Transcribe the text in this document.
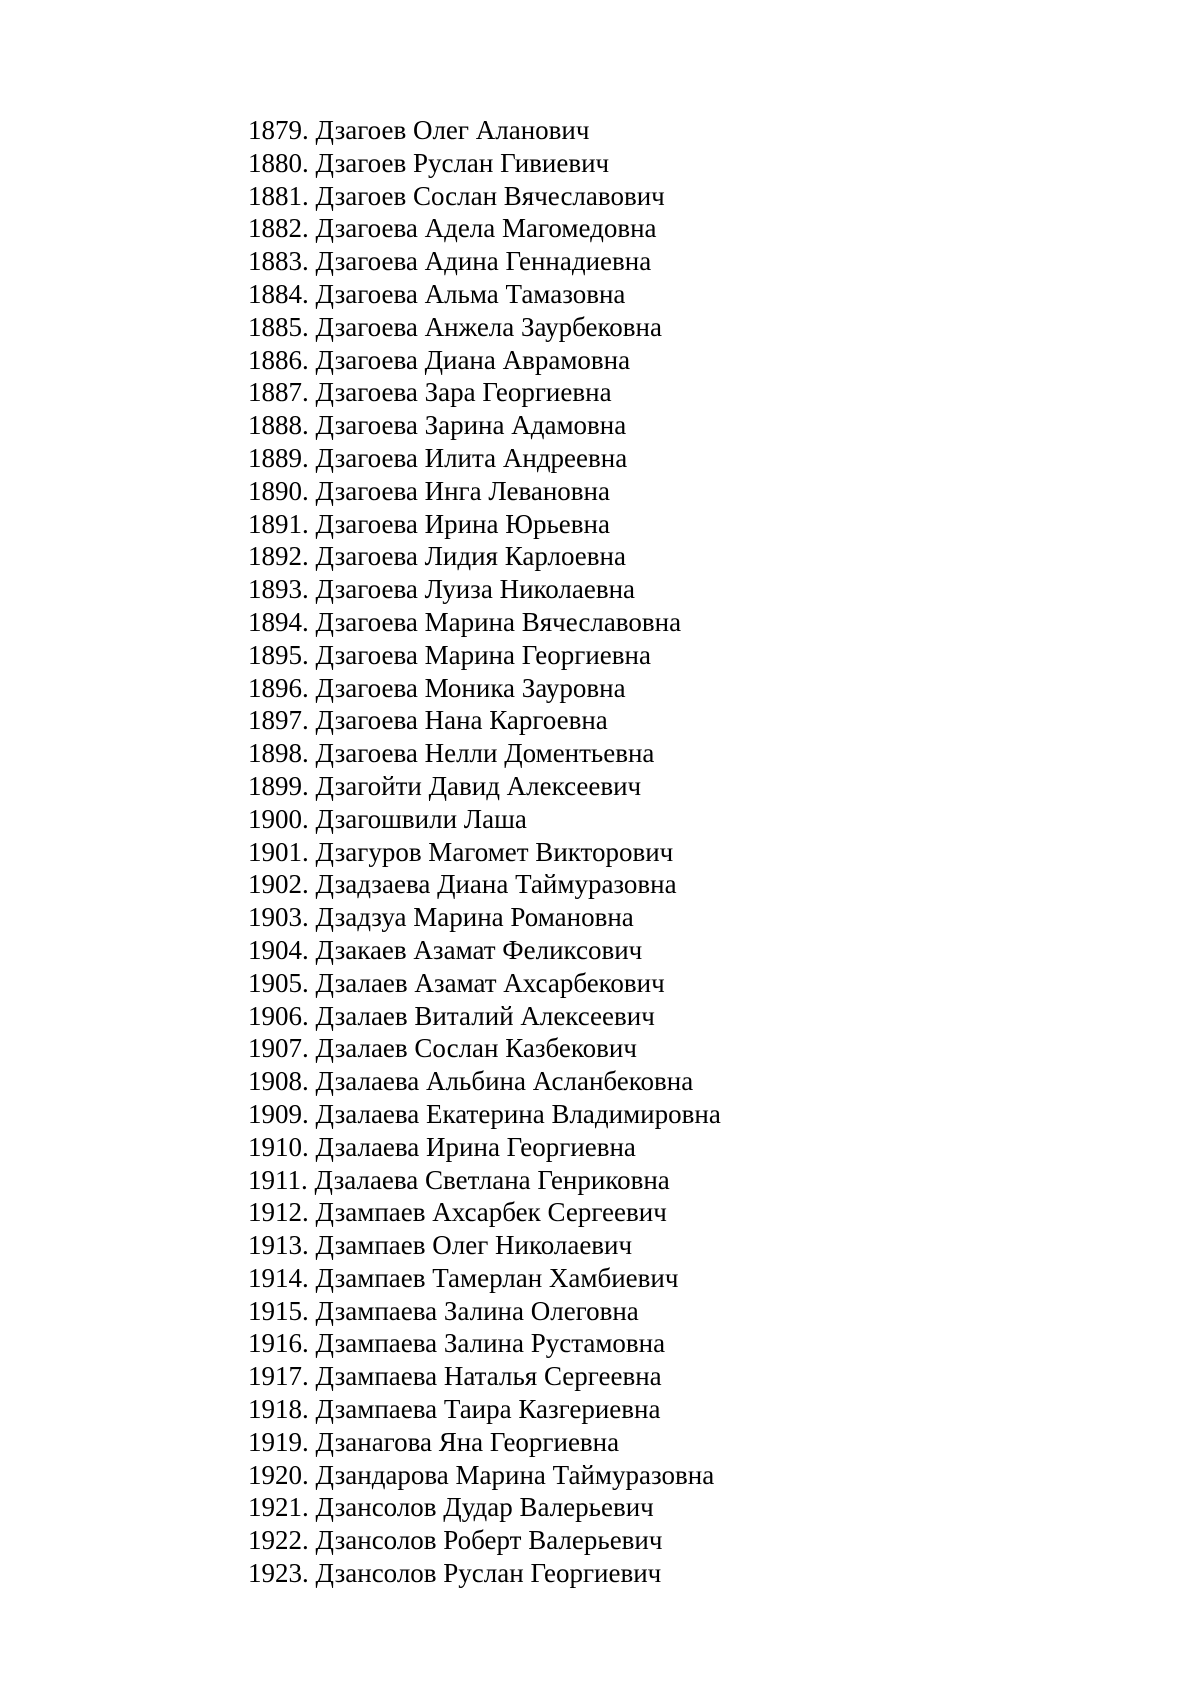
1879. Дзагоев Олег Аланович
1880. Дзагоев Руслан Гивиевич
1881. Дзагоев Сослан Вячеславович
1882. Дзагоева Адела Магомедовна
1883. Дзагоева Адина Геннадиевна
1884. Дзагоева Альма Тамазовна
1885. Дзагоева Анжела Заурбековна
1886. Дзагоева Диана Аврамовна
1887. Дзагоева Зара Георгиевна
1888. Дзагоева Зарина Адамовна
1889. Дзагоева Илита Андреевна
1890. Дзагоева Инга Левановна
1891. Дзагоева Ирина Юрьевна
1892. Дзагоева Лидия Карлоевна
1893. Дзагоева Луиза Николаевна
1894. Дзагоева Марина Вячеславовна
1895. Дзагоева Марина Георгиевна
1896. Дзагоева Моника Зауровна
1897. Дзагоева Нана Каргоевна
1898. Дзагоева Нелли Доментьевна
1899. Дзагойти Давид Алексеевич
1900. Дзагошвили Лаша
1901. Дзагуров Магомет Викторович
1902. Дзадзаева Диана Таймуразовна
1903. Дзадзуа Марина Романовна
1904. Дзакаев Азамат Феликсович
1905. Дзалаев Азамат Ахсарбекович
1906. Дзалаев Виталий Алексеевич
1907. Дзалаев Сослан Казбекович
1908. Дзалаева Альбина Асланбековна
1909. Дзалаева Екатерина Владимировна
1910. Дзалаева Ирина Георгиевна
1911. Дзалаева Светлана Генриковна
1912. Дзампаев Ахсарбек Сергеевич
1913. Дзампаев Олег Николаевич
1914. Дзампаев Тамерлан Хамбиевич
1915. Дзампаева Залина Олеговна
1916. Дзампаева Залина Рустамовна
1917. Дзампаева Наталья Сергеевна
1918. Дзампаева Таира Казгериевна
1919. Дзанагова Яна Георгиевна
1920. Дзандарова Марина Таймуразовна
1921. Дзансолов Дудар Валерьевич
1922. Дзансолов Роберт Валерьевич
1923. Дзансолов Руслан Георгиевич
